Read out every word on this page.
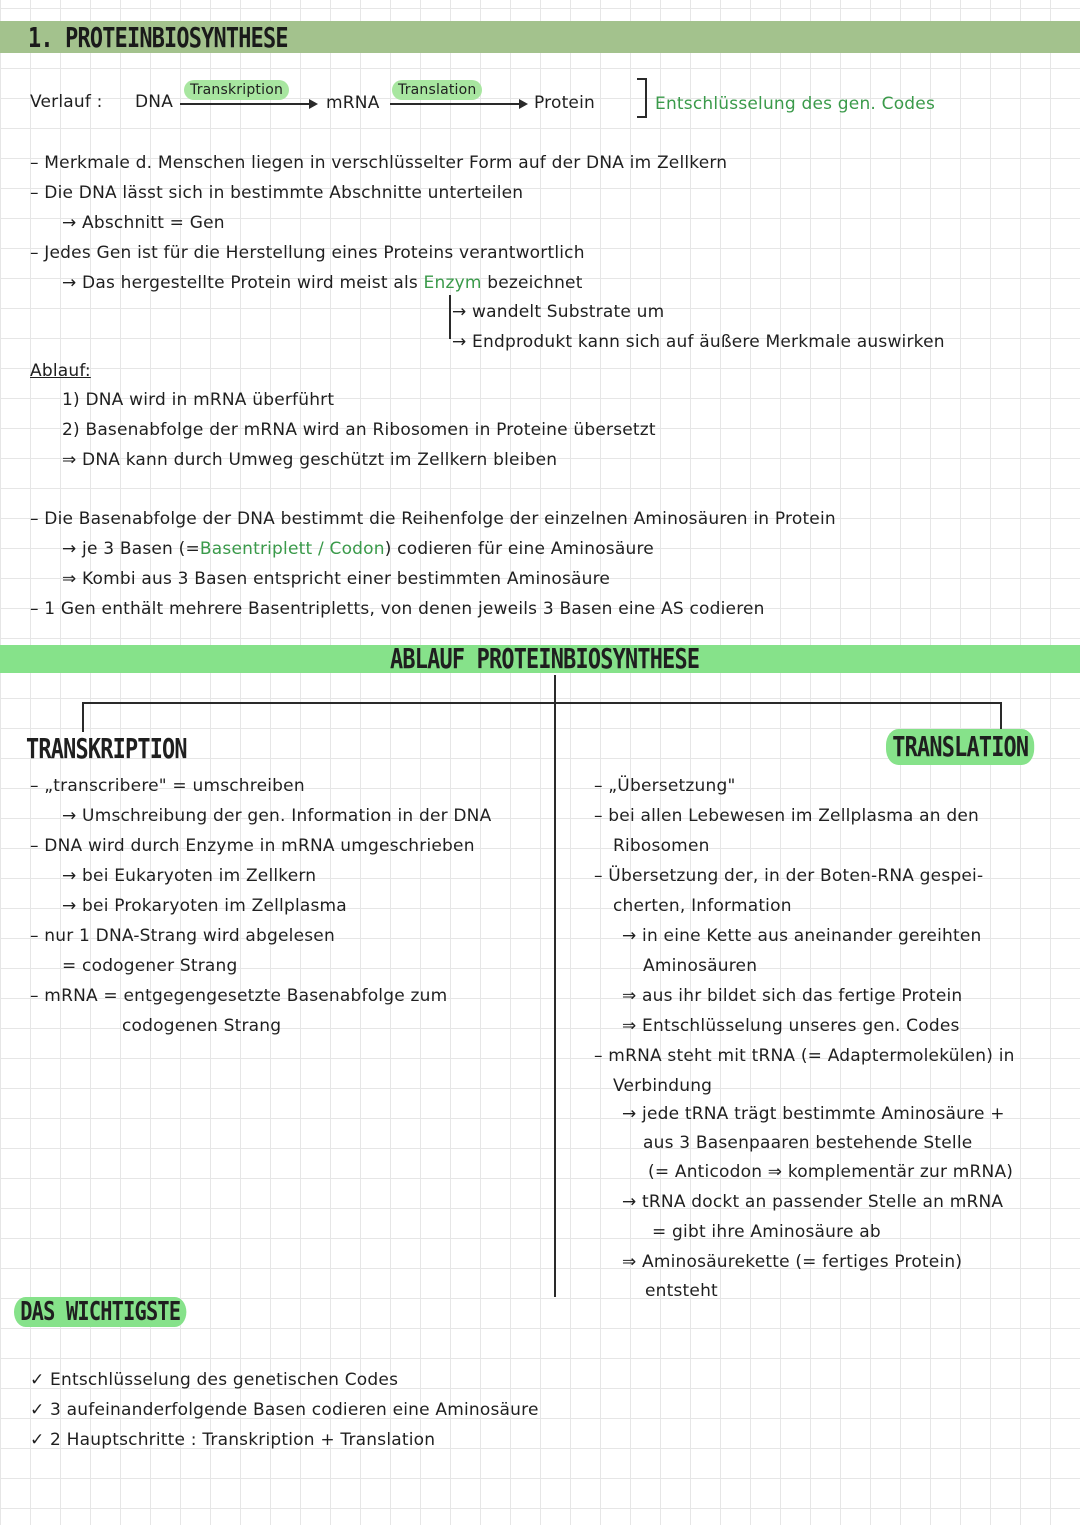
1. PROTEINBIOSYNTHESE
Verlauf : DNA
Transkription
mRNA
Translation
Protein	Entschlüsselung des gen. Codes
– Merkmale d. Menschen liegen in verschlüsselter Form auf der DNA im Zellkern
– Die DNA lässt sich in bestimmte Abschnitte unterteilen
→ Abschnitt = Gen
– Jedes Gen ist für die Herstellung eines Proteins verantwortlich
→ Das hergestellte Protein wird meist als Enzym bezeichnet
→ wandelt Substrate um
→ Endprodukt kann sich auf äußere Merkmale auswirken
Ablauf:
1) DNA wird in mRNA überführt
2) Basenabfolge der mRNA wird an Ribosomen in Proteine übersetzt
⇒ DNA kann durch Umweg geschützt im Zellkern bleiben
– Die Basenabfolge der DNA bestimmt die Reihenfolge der einzelnen Aminosäuren in Protein
→ je 3 Basen (=Basentriplett / Codon) codieren für eine Aminosäure
⇒ Kombi aus 3 Basen entspricht einer bestimmten Aminosäure
– 1 Gen enthält mehrere Basentripletts, von denen jeweils 3 Basen eine AS codieren
ABLAUF PROTEINBIOSYNTHESE
TRANSKRIPTION
– „transcribere" = umschreiben
→ Umschreibung der gen. Information in der DNA
– DNA wird durch Enzyme in mRNA umgeschrieben
→ bei Eukaryoten im Zellkern
→ bei Prokaryoten im Zellplasma
– nur 1 DNA-Strang wird abgelesen
= codogener Strang
– mRNA = entgegengesetzte Basenabfolge zum
codogenen Strang
TRANSLATION
– „Übersetzung"
– bei allen Lebewesen im Zellplasma an den
Ribosomen
– Übersetzung der, in der Boten-RNA gespei-
cherten, Information
→ in eine Kette aus aneinander gereihten
Aminosäuren
⇒ aus ihr bildet sich das fertige Protein
⇒ Entschlüsselung unseres gen. Codes
– mRNA steht mit tRNA (= Adaptermolekülen) in
Verbindung
→ jede tRNA trägt bestimmte Aminosäure +
aus 3 Basenpaaren bestehende Stelle
(= Anticodon ⇒ komplementär zur mRNA)
→ tRNA dockt an passender Stelle an mRNA
= gibt ihre Aminosäure ab
⇒ Aminosäurekette (= fertiges Protein)
entsteht
DAS WICHTIGSTE
✓ Entschlüsselung des genetischen Codes
✓ 3 aufeinanderfolgende Basen codieren eine Aminosäure
✓ 2 Hauptschritte : Transkription + Translation
